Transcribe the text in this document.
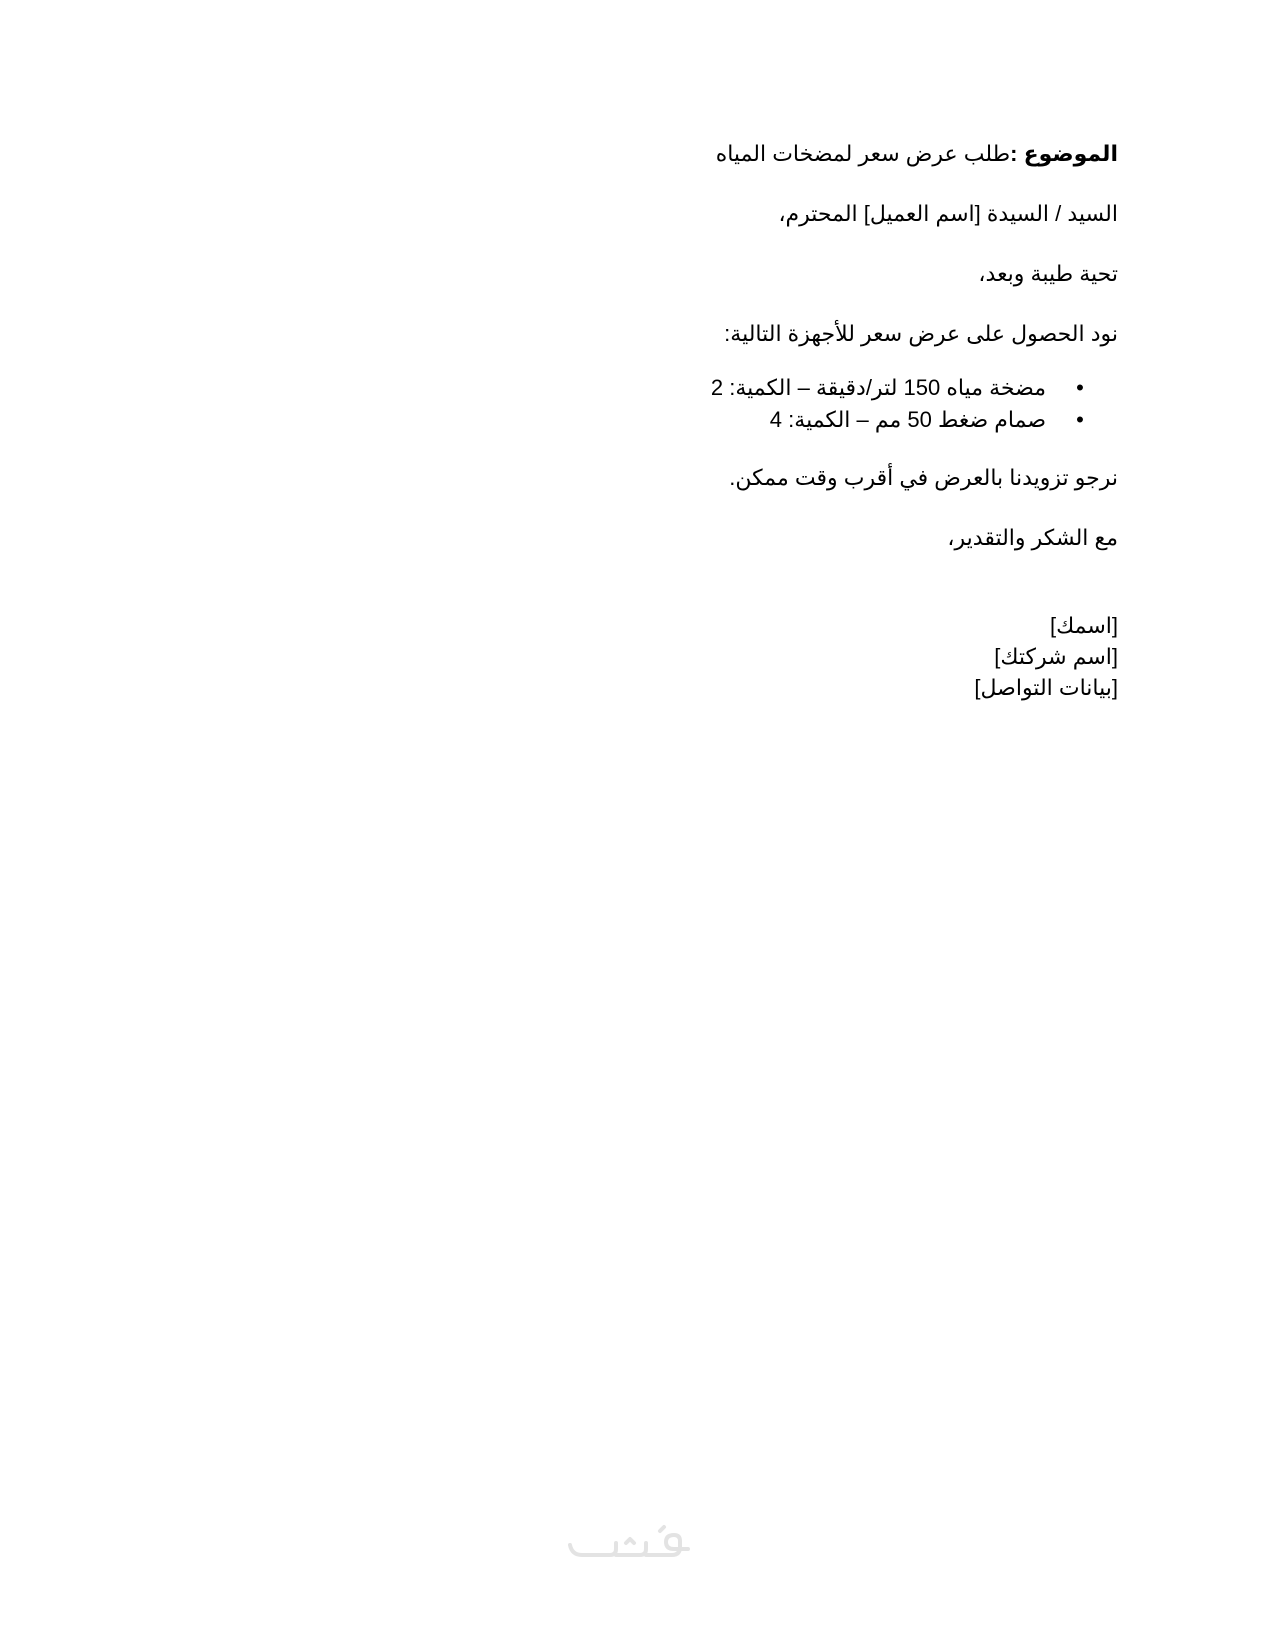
الموضوع :طلب عرض سعر لمضخات المياه

السيد / السيدة [اسم العميل] المحترم،

تحية طيبة وبعد،

نود الحصول على عرض سعر للأجهزة التالية:

•
مضخة مياه 150 لتر/دقيقة – الكمية: 2
•
صمام ضغط 50 مم – الكمية: 4

نرجو تزويدنا بالعرض في أقرب وقت ممكن.

مع الشكر والتقدير،

[اسمك]

[اسم شركتك]

[بيانات التواصل]
